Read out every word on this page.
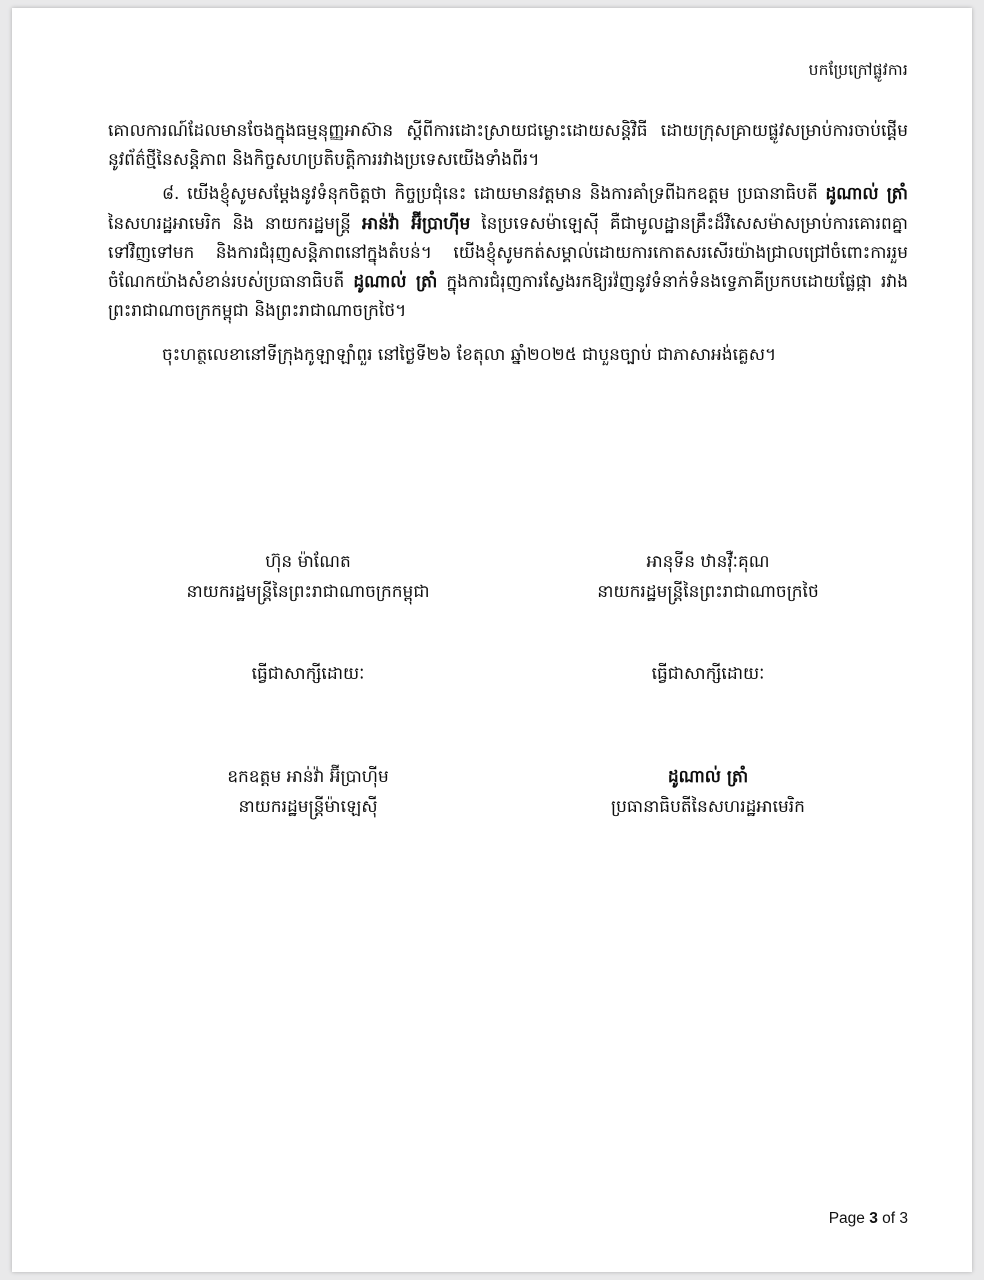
បកប្រែក្រៅផ្លូវការ

គោលការណ៍ដែលមានចែងក្នុងធម្មនុញ្ញអាស៊ាន ស្ដីពីការដោះស្រាយជម្លោះដោយសន្តិវិធី ដោយក្រុសគ្រាយផ្លូវសម្រាប់ការចាប់ផ្ដើមនូវព័ត៌ថ្មីនៃសន្តិភាព និងកិច្ចសហប្រតិបត្តិការរវាងប្រទេសយើងទាំងពីរ។

៨. យើងខ្ញុំសូមសម្ដែងនូវទំនុកចិត្តថា កិច្ចប្រជុំនេះ ដោយមានវត្តមាន និងការគាំទ្រពីឯកឧត្ដម ប្រធានាធិបតី ដូណាល់ ត្រាំ នៃសហរដ្ឋអាមេរិក និង នាយករដ្ឋមន្ត្រី អាន់វ៉ា អ៊ីប្រាហ៊ីម នៃប្រទេសម៉ាឡេស៊ី គឺជាមូលដ្ឋានគ្រឹះដ៏វិសេសម៉ាសម្រាប់ការគោរពគ្នាទៅវិញទៅមក និងការជំរុញសន្តិភាពនៅក្នុងតំបន់។ យើងខ្ញុំសូមកត់សម្គាល់ដោយការកោតសរសើរយ៉ាងជ្រាលជ្រៅចំពោះការរួមចំណែកយ៉ាងសំខាន់របស់ប្រធានាធិបតី ដូណាល់ ត្រាំ ក្នុងការជំរុញការស្វែងរកឱ្យរវ៉ញនូវទំនាក់ទំនងទ្វេភាគីប្រកបដោយផ្លែផ្កា រវាងព្រះរាជាណាចក្រកម្ពុជា និងព្រះរាជាណាចក្រថៃ។

ចុះហត្ថលេខានៅទីក្រុងកូឡាឡាំពួរ នៅថ្ងៃទី២៦ ខែតុលា ឆ្នាំ២០២៥ ជាបួនច្បាប់ ជាភាសាអង់គ្លេស។
ហ៊ុន ម៉ាណែត
នាយករដ្ឋមន្ត្រីនៃព្រះរាជាណាចក្រកម្ពុជា
អានុទីន ឋានវ៉ឺៈគុណ
នាយករដ្ឋមន្ត្រីនៃព្រះរាជាណាចក្រថៃ
ធ្វើជាសាក្សីដោយៈ	ធ្វើជាសាក្សីដោយៈ
ឧកឧត្ដម អាន់វ៉ា អ៊ីប្រាហ៊ីម
នាយករដ្ឋមន្ត្រីម៉ាឡេស៊ី
ដូណាល់ ត្រាំ
ប្រធានាធិបតីនៃសហរដ្ឋអាមេរិក
Page 3 of 3
